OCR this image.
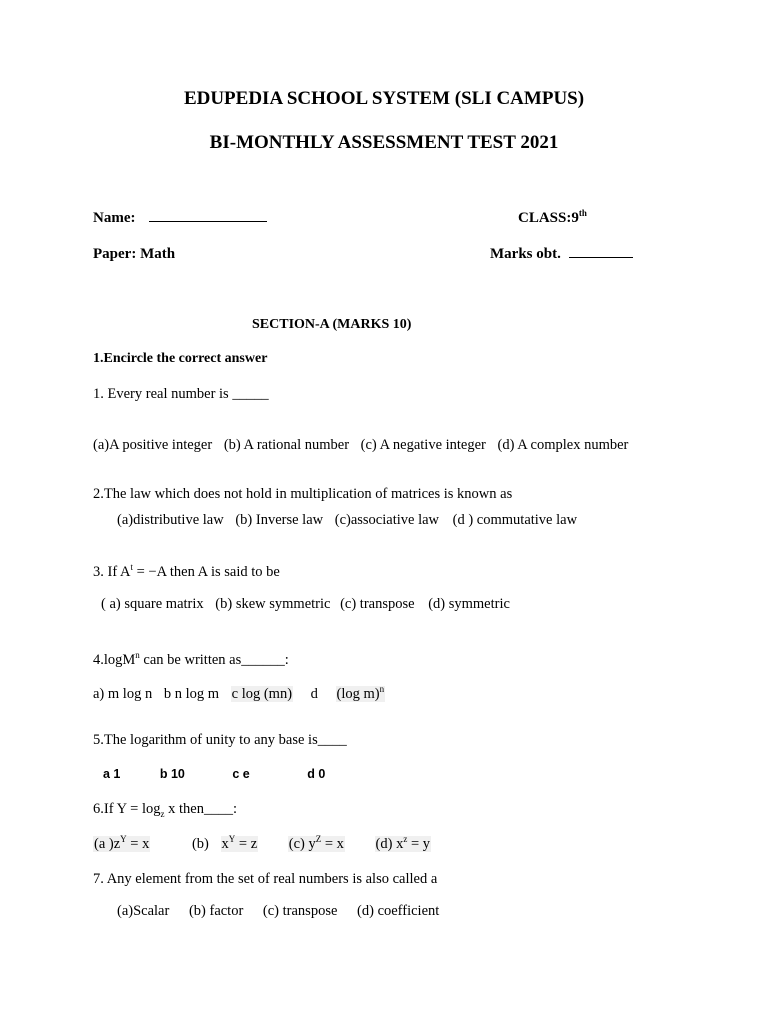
EDUPEDIA SCHOOL SYSTEM (SLI CAMPUS)
BI-MONTHLY ASSESSMENT TEST 2021
Name:	CLASS:9th
Paper: Math	Marks obt.
SECTION-A (MARKS 10)
1.Encircle the correct answer
1. Every real number is _____
(a)A positive integer (b) A rational number (c) A negative integer (d) A complex number
2.The law which does not hold in multiplication of matrices is known as
(a)distributive law (b) Inverse law (c)associative law (d ) commutative law
3. If $A^t = -A$ then A is said to be
( a) square matrix (b) skew symmetric (c) transpose (d) symmetric
4.logM$^n$ can be written as______:
a) m log n b n log m c log (mn) d (log m)$^n$
5.The logarithm of unity to any base is____
a 1	b 10	c e	d 0
6.If $Y = \log_z x$ then____:
(a )$z^Y = x$	(b) $x^Y = z$ (c) $y^Z = x$ (d) $x^z = y$
7. Any element from the set of real numbers is also called a
(a)Scalar (b) factor (c) transpose (d) coefficient
